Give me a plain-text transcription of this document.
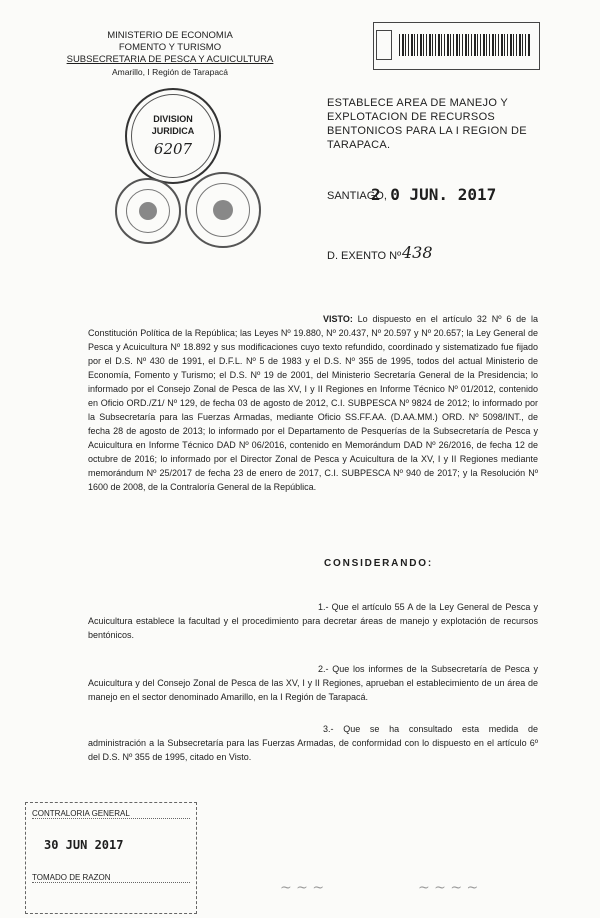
MINISTERIO DE ECONOMIA
FOMENTO Y TURISMO
SUBSECRETARIA DE PESCA Y ACUICULTURA
Amarillo, I Región de Tarapacá
DIVISION
JURIDICA
6207
ESTABLECE AREA DE MANEJO Y EXPLOTACION DE RECURSOS BENTONICOS PARA LA I REGION DE TARAPACA.
SANTIAGO,
2 0 JUN. 2017
D. EXENTO Nº 438
VISTO: Lo dispuesto en el artículo 32 Nº 6 de la Constitución Política de la República; las Leyes Nº 19.880, Nº 20.437, Nº 20.597 y Nº 20.657; la Ley General de Pesca y Acuicultura Nº 18.892 y sus modificaciones cuyo texto refundido, coordinado y sistematizado fue fijado por el D.S. Nº 430 de 1991, el D.F.L. Nº 5 de 1983 y el D.S. Nº 355 de 1995, todos del actual Ministerio de Economía, Fomento y Turismo; el D.S. Nº 19 de 2001, del Ministerio Secretaría General de la Presidencia; lo informado por el Consejo Zonal de Pesca de las XV, I y II Regiones en Informe Técnico Nº 01/2012, contenido en Oficio ORD./Z1/ Nº 129, de fecha 03 de agosto de 2012, C.I. SUBPESCA Nº 9824 de 2012; lo informado por la Subsecretaría para las Fuerzas Armadas, mediante Oficio SS.FF.AA. (D.AA.MM.) ORD. Nº 5098/INT., de fecha 28 de agosto de 2013; lo informado por el Departamento de Pesquerías de la Subsecretaría de Pesca y Acuicultura en Informe Técnico DAD Nº 06/2016, contenido en Memorándum DAD Nº 26/2016, de fecha 12 de octubre de 2016; lo informado por el Director Zonal de Pesca y Acuicultura de la XV, I y II Regiones mediante memorándum Nº 25/2017 de fecha 23 de enero de 2017, C.I. SUBPESCA Nº 940 de 2017; y la Resolución Nº 1600 de 2008, de la Contraloría General de la República.
CONSIDERANDO:
1.- Que el artículo 55 A de la Ley General de Pesca y Acuicultura establece la facultad y el procedimiento para decretar áreas de manejo y explotación de recursos bentónicos.
2.- Que los informes de la Subsecretaría de Pesca y Acuicultura y del Consejo Zonal de Pesca de las XV, I y II Regiones, aprueban el establecimiento de un área de manejo en el sector denominado Amarillo, en la I Región de Tarapacá.
3.- Que se ha consultado esta medida de administración a la Subsecretaría para las Fuerzas Armadas, de conformidad con lo dispuesto en el artículo 6º del D.S. Nº 355 de 1995, citado en Visto.
CONTRALORIA GENERAL
30 JUN 2017
TOMADO DE RAZON
~ ~ ~	~ ~ ~ ~
